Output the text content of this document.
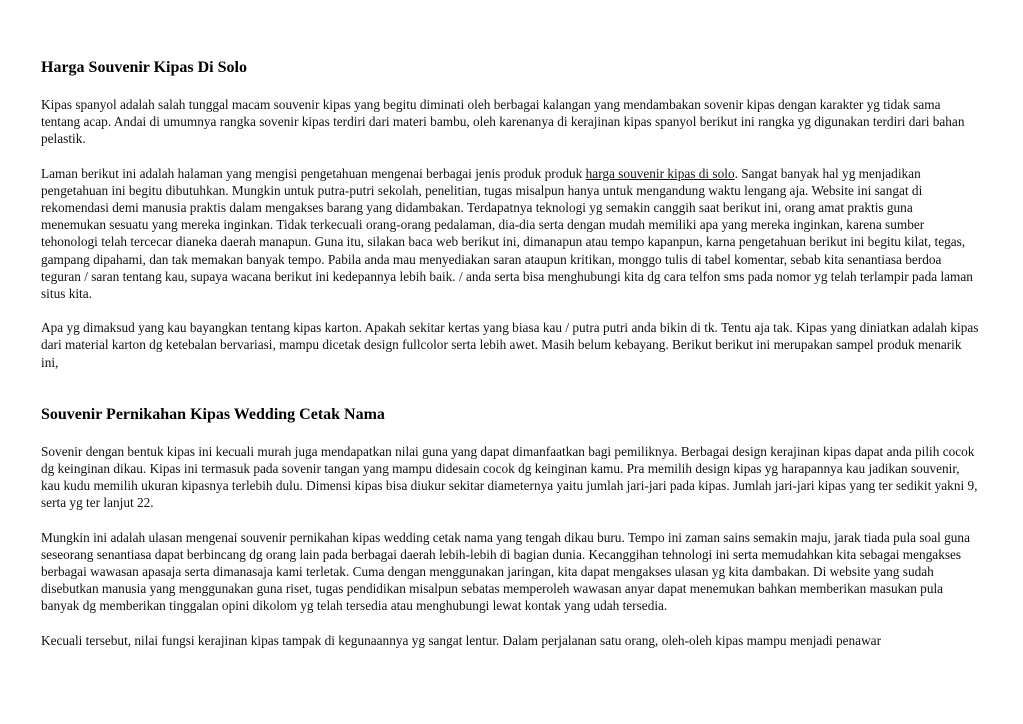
Harga Souvenir Kipas Di Solo

Kipas spanyol adalah salah tunggal macam souvenir kipas yang begitu diminati oleh berbagai kalangan yang mendambakan sovenir kipas dengan karakter yg tidak sama tentang acap. Andai di umumnya rangka sovenir kipas terdiri dari materi bambu, oleh karenanya di kerajinan kipas spanyol berikut ini rangka yg digunakan terdiri dari bahan pelastik.

Laman berikut ini adalah halaman yang mengisi pengetahuan mengenai berbagai jenis produk produk harga souvenir kipas di solo. Sangat banyak hal yg menjadikan pengetahuan ini begitu dibutuhkan. Mungkin untuk putra-putri sekolah, penelitian, tugas misalpun hanya untuk mengandung waktu lengang aja. Website ini sangat di rekomendasi demi manusia praktis dalam mengakses barang yang didambakan. Terdapatnya teknologi yg semakin canggih saat berikut ini, orang amat praktis guna menemukan sesuatu yang mereka inginkan. Tidak terkecuali orang-orang pedalaman, dia-dia serta dengan mudah memiliki apa yang mereka inginkan, karena sumber tehonologi telah tercecar dianeka daerah manapun. Guna itu, silakan baca web berikut ini, dimanapun atau tempo kapanpun, karna pengetahuan berikut ini begitu kilat, tegas, gampang dipahami, dan tak memakan banyak tempo. Pabila anda mau menyediakan saran ataupun kritikan, monggo tulis di tabel komentar, sebab kita senantiasa berdoa teguran / saran tentang kau, supaya wacana berikut ini kedepannya lebih baik. / anda serta bisa menghubungi kita dg cara telfon sms pada nomor yg telah terlampir pada laman situs kita.

Apa yg dimaksud yang kau bayangkan tentang kipas karton. Apakah sekitar kertas yang biasa kau / putra putri anda bikin di tk. Tentu aja tak. Kipas yang diniatkan adalah kipas dari material karton dg ketebalan bervariasi, mampu dicetak design fullcolor serta lebih awet. Masih belum kebayang. Berikut berikut ini merupakan sampel produk menarik ini,

Souvenir Pernikahan Kipas Wedding Cetak Nama

Sovenir dengan bentuk kipas ini kecuali murah juga mendapatkan nilai guna yang dapat dimanfaatkan bagi pemiliknya. Berbagai design kerajinan kipas dapat anda pilih cocok dg keinginan dikau. Kipas ini termasuk pada sovenir tangan yang mampu didesain cocok dg keinginan kamu. Pra memilih design kipas yg harapannya kau jadikan souvenir, kau kudu memilih ukuran kipasnya terlebih dulu. Dimensi kipas bisa diukur sekitar diameternya yaitu jumlah jari-jari pada kipas. Jumlah jari-jari kipas yang ter sedikit yakni 9, serta yg ter lanjut 22.

Mungkin ini adalah ulasan mengenai souvenir pernikahan kipas wedding cetak nama yang tengah dikau buru. Tempo ini zaman sains semakin maju, jarak tiada pula soal guna seseorang senantiasa dapat berbincang dg orang lain pada berbagai daerah lebih-lebih di bagian dunia. Kecanggihan tehnologi ini serta memudahkan kita sebagai mengakses berbagai wawasan apasaja serta dimanasaja kami terletak. Cuma dengan menggunakan jaringan, kita dapat mengakses ulasan yg kita dambakan. Di website yang sudah disebutkan manusia yang menggunakan guna riset, tugas pendidikan misalpun sebatas memperoleh wawasan anyar dapat menemukan bahkan memberikan masukan pula banyak dg memberikan tinggalan opini dikolom yg telah tersedia atau menghubungi lewat kontak yang udah tersedia.

Kecuali tersebut, nilai fungsi kerajinan kipas tampak di kegunaannya yg sangat lentur. Dalam perjalanan satu orang, oleh-oleh kipas mampu menjadi penawar
